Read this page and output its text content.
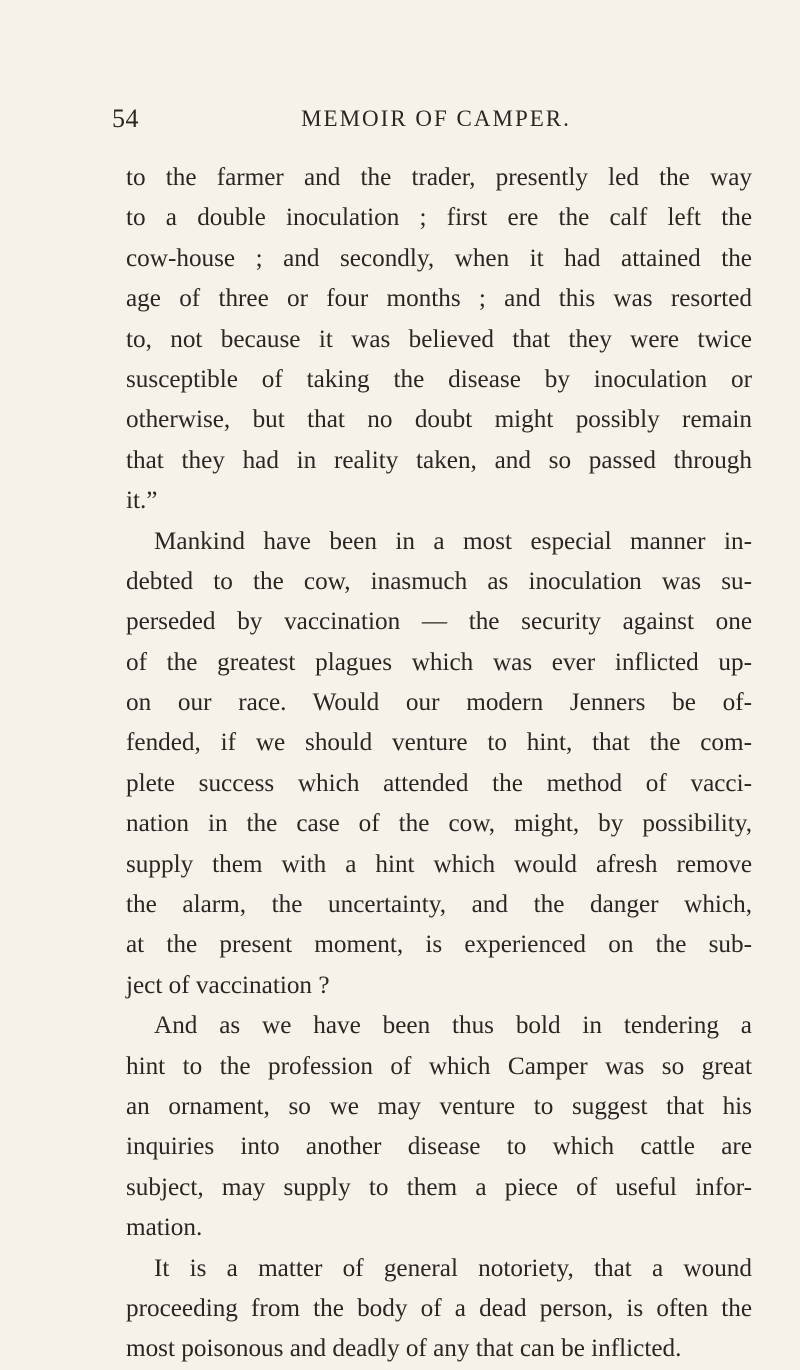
54	MEMOIR OF CAMPER.
to the farmer and the trader, presently led the way
to a double inoculation ; first ere the calf left the
cow-house ; and secondly, when it had attained the
age of three or four months ; and this was resorted
to, not because it was believed that they were twice
susceptible of taking the disease by inoculation or
otherwise, but that no doubt might possibly remain
that they had in reality taken, and so passed through
it.”
Mankind have been in a most especial manner in-
debted to the cow, inasmuch as inoculation was su-
perseded by vaccination — the security against one
of the greatest plagues which was ever inflicted up-
on our race. Would our modern Jenners be of-
fended, if we should venture to hint, that the com-
plete success which attended the method of vacci-
nation in the case of the cow, might, by possibility,
supply them with a hint which would afresh remove
the alarm, the uncertainty, and the danger which,
at the present moment, is experienced on the sub-
ject of vaccination ?
And as we have been thus bold in tendering a
hint to the profession of which Camper was so great
an ornament, so we may venture to suggest that his
inquiries into another disease to which cattle are
subject, may supply to them a piece of useful infor-
mation.
It is a matter of general notoriety, that a wound
proceeding from the body of a dead person, is often the
most poisonous and deadly of any that can be inflicted.
